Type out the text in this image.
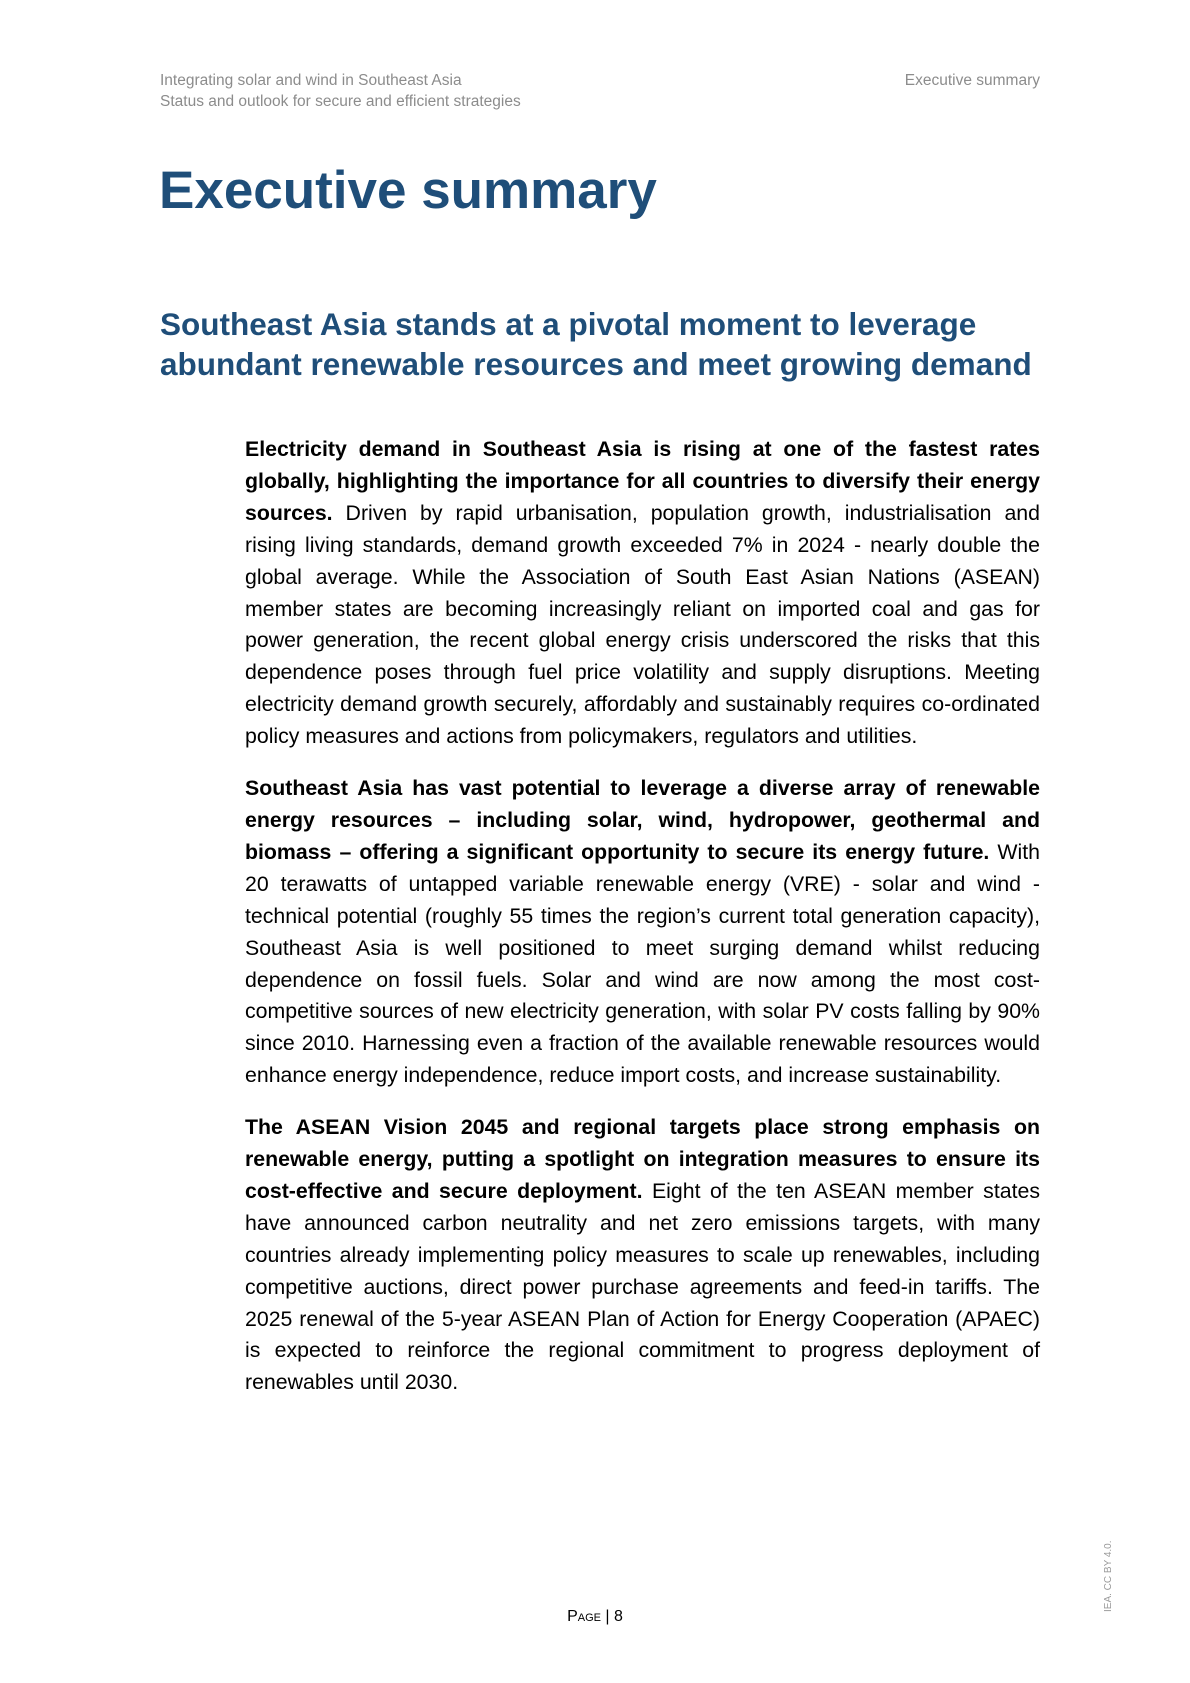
Integrating solar and wind in Southeast Asia
Status and outlook for secure and efficient strategies
Executive summary
Executive summary
Southeast Asia stands at a pivotal moment to leverage abundant renewable resources and meet growing demand

Electricity demand in Southeast Asia is rising at one of the fastest rates globally, highlighting the importance for all countries to diversify their energy sources. Driven by rapid urbanisation, population growth, industrialisation and rising living standards, demand growth exceeded 7% in 2024 - nearly double the global average. While the Association of South East Asian Nations (ASEAN) member states are becoming increasingly reliant on imported coal and gas for power generation, the recent global energy crisis underscored the risks that this dependence poses through fuel price volatility and supply disruptions. Meeting electricity demand growth securely, affordably and sustainably requires co-ordinated policy measures and actions from policymakers, regulators and utilities.

Southeast Asia has vast potential to leverage a diverse array of renewable energy resources – including solar, wind, hydropower, geothermal and biomass – offering a significant opportunity to secure its energy future. With 20 terawatts of untapped variable renewable energy (VRE) - solar and wind - technical potential (roughly 55 times the region’s current total generation capacity), Southeast Asia is well positioned to meet surging demand whilst reducing dependence on fossil fuels. Solar and wind are now among the most cost-competitive sources of new electricity generation, with solar PV costs falling by 90% since 2010. Harnessing even a fraction of the available renewable resources would enhance energy independence, reduce import costs, and increase sustainability.

The ASEAN Vision 2045 and regional targets place strong emphasis on renewable energy, putting a spotlight on integration measures to ensure its cost-effective and secure deployment. Eight of the ten ASEAN member states have announced carbon neutrality and net zero emissions targets, with many countries already implementing policy measures to scale up renewables, including competitive auctions, direct power purchase agreements and feed-in tariffs. The 2025 renewal of the 5-year ASEAN Plan of Action for Energy Cooperation (APAEC) is expected to reinforce the regional commitment to progress deployment of renewables until 2030.

Page | 8
IEA. CC BY 4.0.
